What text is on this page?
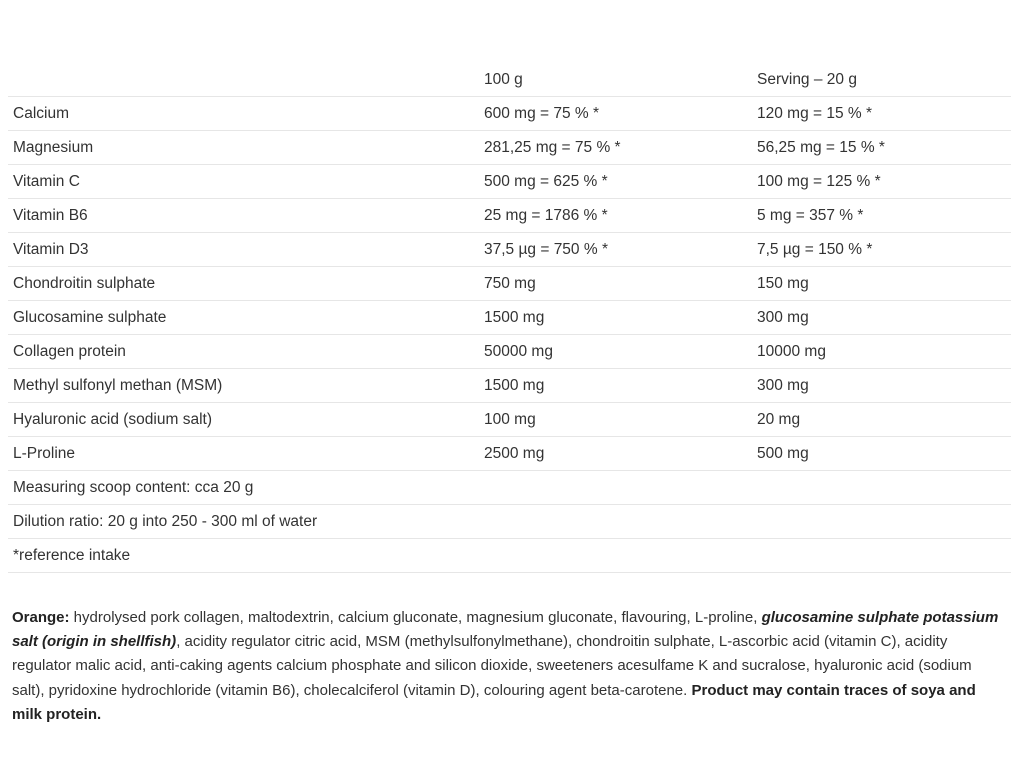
	100 g	Serving – 20 g
Calcium	600 mg = 75 % *	120 mg = 15 % *
Magnesium	281,25 mg = 75 % *	56,25 mg = 15 % *
Vitamin C	500 mg = 625 % *	100 mg = 125 % *
Vitamin B6	25 mg = 1786 % *	5 mg = 357 % *
Vitamin D3	37,5 µg = 750 % *	7,5 µg = 150 % *
Chondroitin sulphate	750 mg	150 mg
Glucosamine sulphate	1500 mg	300 mg
Collagen protein	50000 mg	10000 mg
Methyl sulfonyl methan (MSM)	1500 mg	300 mg
Hyaluronic acid (sodium salt)	100 mg	20 mg
L-Proline	2500 mg	500 mg
Measuring scoop content: cca 20 g		
Dilution ratio: 20 g into 250 - 300 ml of water		
*reference intake		

Orange: hydrolysed pork collagen, maltodextrin, calcium gluconate, magnesium gluconate, flavouring, L-proline, glucosamine sulphate potassium salt (origin in shellfish), acidity regulator citric acid, MSM (methylsulfonylmethane), chondroitin sulphate, L-ascorbic acid (vitamin C), acidity regulator malic acid, anti-caking agents calcium phosphate and silicon dioxide, sweeteners acesulfame K and sucralose, hyaluronic acid (sodium salt), pyridoxine hydrochloride (vitamin B6), cholecalciferol (vitamin D), colouring agent beta-carotene. Product may contain traces of soya and milk protein.
